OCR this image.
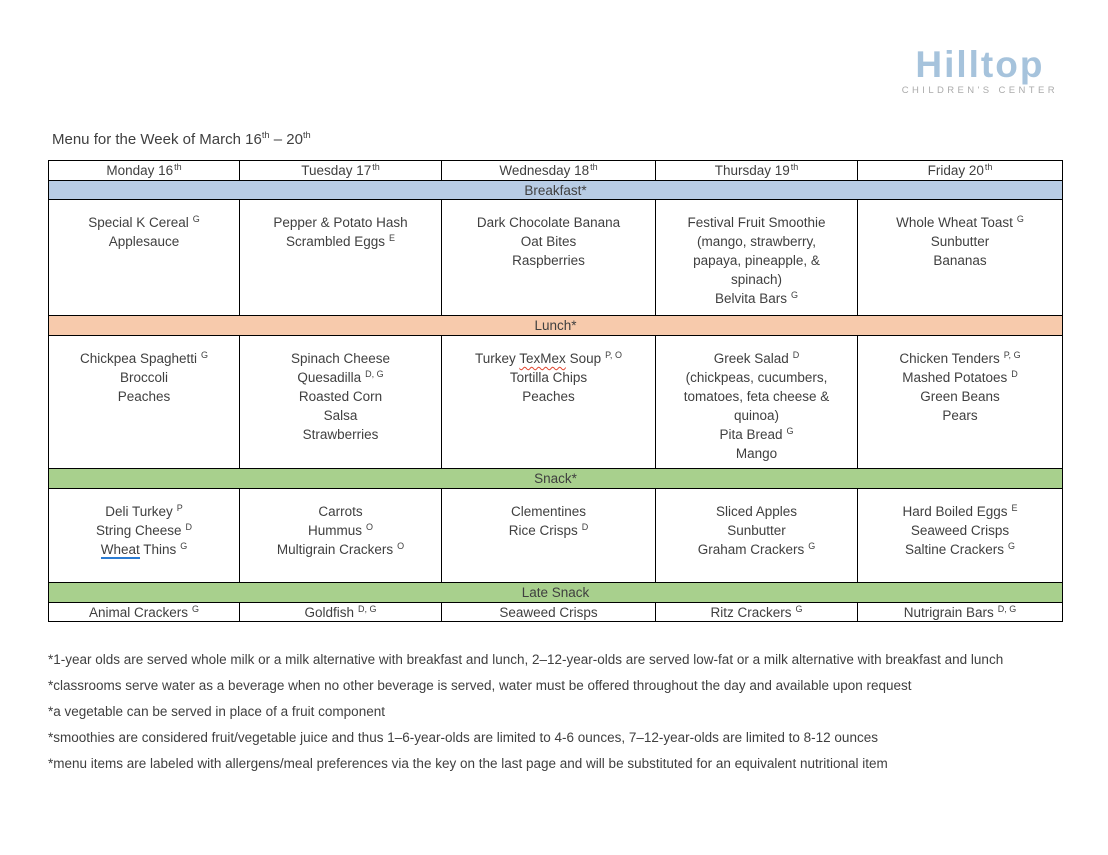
Hilltop
CHILDREN'S CENTER
Menu for the Week of March 16th – 20th
Monday 16th	Tuesday 17th	Wednesday 18th	Thursday 19th	Friday 20th

Breakfast*				

Special K Cereal $^G$
Applesauce

Pepper & Potato Hash
Scrambled Eggs $^E$

Dark Chocolate Banana
Oat Bites
Raspberries

Festival Fruit Smoothie
(mango, strawberry,
papaya, pineapple, &
spinach)
Belvita Bars $^G$

Whole Wheat Toast $^G$
Sunbutter
Bananas

Lunch*				

Chickpea Spaghetti $^G$
Broccoli
Peaches

Spinach Cheese
Quesadilla $^{D, G}$
Roasted Corn
Salsa
Strawberries

Turkey TexMex Soup $^{P, O}$
Tortilla Chips
Peaches

Greek Salad $^D$
(chickpeas, cucumbers,
tomatoes, feta cheese &
quinoa)
Pita Bread $^G$
Mango

Chicken Tenders $^{P, G}$
Mashed Potatoes $^D$
Green Beans
Pears

Snack*				

Deli Turkey $^P$
String Cheese $^D$
Wheat Thins $^G$

Carrots
Hummus $^O$
Multigrain Crackers $^O$

Clementines
Rice Crisps $^D$

Sliced Apples
Sunbutter
Graham Crackers $^G$

Hard Boiled Eggs $^E$
Seaweed Crisps
Saltine Crackers $^G$

Late Snack				

Animal Crackers $^G$	Goldfish $^{D, G}$	Seaweed Crisps	Ritz Crackers $^G$	Nutrigrain Bars $^{D, G}$

*1-year olds are served whole milk or a milk alternative with breakfast and lunch, 2–12-year-olds are served low-fat or a milk alternative with breakfast and lunch

*classrooms serve water as a beverage when no other beverage is served, water must be offered throughout the day and available upon request

*a vegetable can be served in place of a fruit component

*smoothies are considered fruit/vegetable juice and thus 1–6-year-olds are limited to 4-6 ounces, 7–12-year-olds are limited to 8-12 ounces

*menu items are labeled with allergens/meal preferences via the key on the last page and will be substituted for an equivalent nutritional item
